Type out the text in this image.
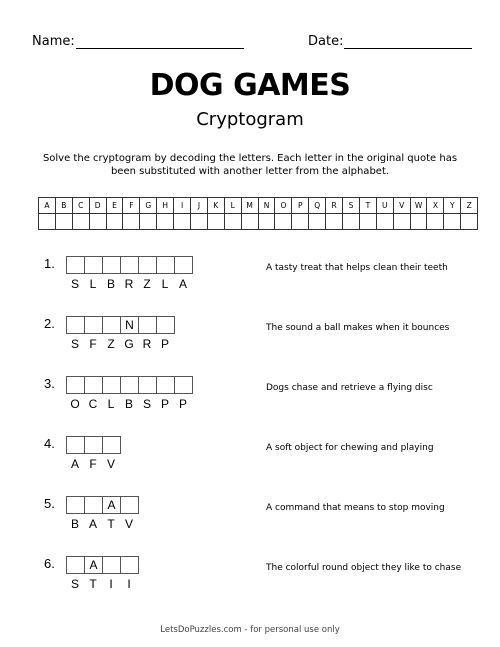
Name:	Date:
DOG GAMES
Cryptogram
Solve the cryptogram by decoding the letters. Each letter in the original quote has been substituted with another letter from the alphabet.
A	B	C	D	E	F	G	H	I	J	K	L	M	N	O	P	Q	R	S	T	U	V	W	X	Y	Z

1.
S L B R Z L A
A tasty treat that helps clean their teeth
2.	N
S F Z G R P
The sound a ball makes when it bounces
3.
O C L B S P P
Dogs chase and retrieve a flying disc
4.
A F V
A soft object for chewing and playing
5.	A
B A T V
A command that means to stop moving
6.	A
S T	I	I
The colorful round object they like to chase
LetsDoPuzzles.com - for personal use only
